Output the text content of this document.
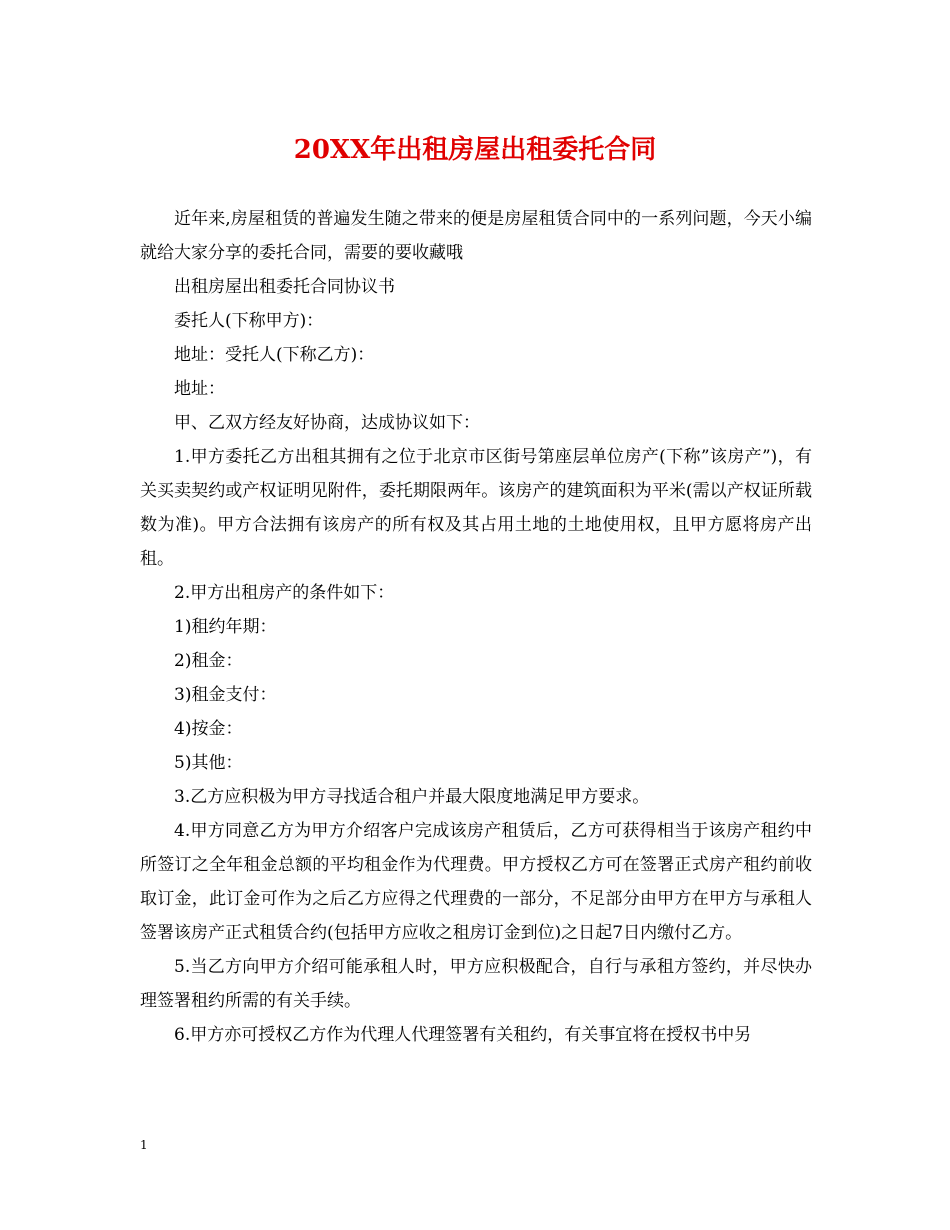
20XX年出租房屋出租委托合同

近年来,房屋租赁的普遍发生随之带来的便是房屋租赁合同中的一系列问题，今天小编就给大家分享的委托合同，需要的要收藏哦

出租房屋出租委托合同协议书

委托人(下称甲方)：

地址：受托人(下称乙方)：

地址：

甲、乙双方经友好协商，达成协议如下：

1.甲方委托乙方出租其拥有之位于北京市区街号第座层单位房产(下称”该房产”)，有关买卖契约或产权证明见附件，委托期限两年。该房产的建筑面积为平米(需以产权证所载数为准)。甲方合法拥有该房产的所有权及其占用土地的土地使用权，且甲方愿将房产出租。

2.甲方出租房产的条件如下：

1)租约年期：

2)租金：

3)租金支付：

4)按金：

5)其他：

3.乙方应积极为甲方寻找适合租户并最大限度地满足甲方要求。

4.甲方同意乙方为甲方介绍客户完成该房产租赁后，乙方可获得相当于该房产租约中所签订之全年租金总额的平均租金作为代理费。甲方授权乙方可在签署正式房产租约前收取订金，此订金可作为之后乙方应得之代理费的一部分，不足部分由甲方在甲方与承租人签署该房产正式租赁合约(包括甲方应收之租房订金到位)之日起7日内缴付乙方。

5.当乙方向甲方介绍可能承租人时，甲方应积极配合，自行与承租方签约，并尽快办理签署租约所需的有关手续。

6.甲方亦可授权乙方作为代理人代理签署有关租约，有关事宜将在授权书中另

1
